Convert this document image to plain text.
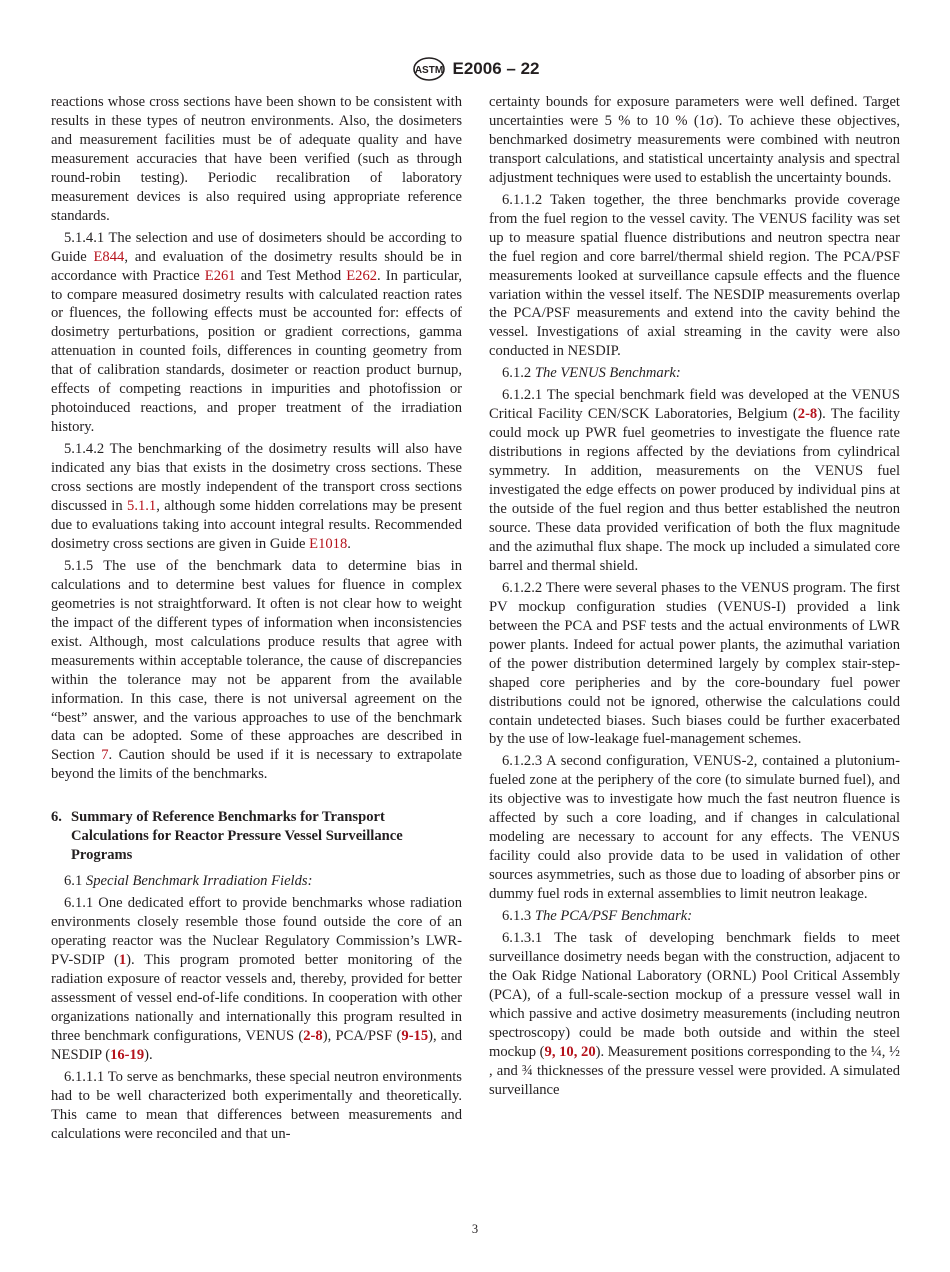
ASTM E2006 – 22

reactions whose cross sections have been shown to be consistent with results in these types of neutron environments. Also, the dosimeters and measurement facilities must be of adequate quality and have measurement accuracies that have been verified (such as through round-robin testing). Periodic recalibration of laboratory measurement devices is also required using appropriate reference standards.

5.1.4.1 The selection and use of dosimeters should be according to Guide E844, and evaluation of the dosimetry results should be in accordance with Practice E261 and Test Method E262. In particular, to compare measured dosimetry results with calculated reaction rates or fluences, the following effects must be accounted for: effects of dosimetry perturbations, position or gradient corrections, gamma attenuation in counted foils, differences in counting geometry from that of calibration standards, dosimeter or reaction product burnup, effects of competing reactions in impurities and photofission or photoinduced reactions, and proper treatment of the irradiation history.

5.1.4.2 The benchmarking of the dosimetry results will also have indicated any bias that exists in the dosimetry cross sections. These cross sections are mostly independent of the transport cross sections discussed in 5.1.1, although some hidden correlations may be present due to evaluations taking into account integral results. Recommended dosimetry cross sections are given in Guide E1018.

5.1.5 The use of the benchmark data to determine bias in calculations and to determine best values for fluence in complex geometries is not straightforward. It often is not clear how to weight the impact of the different types of information when inconsistencies exist. Although, most calculations produce results that agree with measurements within acceptable tolerance, the cause of discrepancies within the tolerance may not be apparent from the available information. In this case, there is not universal agreement on the “best” answer, and the various approaches to use of the benchmark data can be adopted. Some of these approaches are described in Section 7. Caution should be used if it is necessary to extrapolate beyond the limits of the benchmarks.

6. Summary of Reference Benchmarks for Transport Calculations for Reactor Pressure Vessel Surveillance Programs

6.1 Special Benchmark Irradiation Fields:

6.1.1 One dedicated effort to provide benchmarks whose radiation environments closely resemble those found outside the core of an operating reactor was the Nuclear Regulatory Commission’s LWR-PV-SDIP (1). This program promoted better monitoring of the radiation exposure of reactor vessels and, thereby, provided for better assessment of vessel end-of-life conditions. In cooperation with other organizations nationally and internationally this program resulted in three benchmark configurations, VENUS (2-8), PCA/PSF (9-15), and NESDIP (16-19).

6.1.1.1 To serve as benchmarks, these special neutron environments had to be well characterized both experimentally and theoretically. This came to mean that differences between measurements and calculations were reconciled and that un-

certainty bounds for exposure parameters were well defined. Target uncertainties were 5 % to 10 % (1σ). To achieve these objectives, benchmarked dosimetry measurements were combined with neutron transport calculations, and statistical uncertainty analysis and spectral adjustment techniques were used to establish the uncertainty bounds.

6.1.1.2 Taken together, the three benchmarks provide coverage from the fuel region to the vessel cavity. The VENUS facility was set up to measure spatial fluence distributions and neutron spectra near the fuel region and core barrel/thermal shield region. The PCA/PSF measurements looked at surveillance capsule effects and the fluence variation within the vessel itself. The NESDIP measurements overlap the PCA/PSF measurements and extend into the cavity behind the vessel. Investigations of axial streaming in the cavity were also conducted in NESDIP.

6.1.2 The VENUS Benchmark:

6.1.2.1 The special benchmark field was developed at the VENUS Critical Facility CEN/SCK Laboratories, Belgium (2-8). The facility could mock up PWR fuel geometries to investigate the fluence rate distributions in regions affected by the deviations from cylindrical symmetry. In addition, measurements on the VENUS fuel investigated the edge effects on power produced by individual pins at the outside of the fuel region and thus better established the neutron source. These data provided verification of both the flux magnitude and the azimuthal flux shape. The mock up included a simulated core barrel and thermal shield.

6.1.2.2 There were several phases to the VENUS program. The first PV mockup configuration studies (VENUS-I) provided a link between the PCA and PSF tests and the actual environments of LWR power plants. Indeed for actual power plants, the azimuthal variation of the power distribution determined largely by complex stair-step-shaped core peripheries and by the core-boundary fuel power distributions could not be ignored, otherwise the calculations could contain undetected biases. Such biases could be further exacerbated by the use of low-leakage fuel-management schemes.

6.1.2.3 A second configuration, VENUS-2, contained a plutonium-fueled zone at the periphery of the core (to simulate burned fuel), and its objective was to investigate how much the fast neutron fluence is affected by such a core loading, and if changes in calculational modeling are necessary to account for any effects. The VENUS facility could also provide data to be used in validation of other sources asymmetries, such as those due to loading of absorber pins or dummy fuel rods in external assemblies to limit neutron leakage.

6.1.3 The PCA/PSF Benchmark:

6.1.3.1 The task of developing benchmark fields to meet surveillance dosimetry needs began with the construction, adjacent to the Oak Ridge National Laboratory (ORNL) Pool Critical Assembly (PCA), of a full-scale-section mockup of a pressure vessel wall in which passive and active dosimetry measurements (including neutron spectroscopy) could be made both outside and within the steel mockup (9, 10, 20). Measurement positions corresponding to the ¼, ½ , and ¾ thicknesses of the pressure vessel were provided. A simulated surveillance

3
